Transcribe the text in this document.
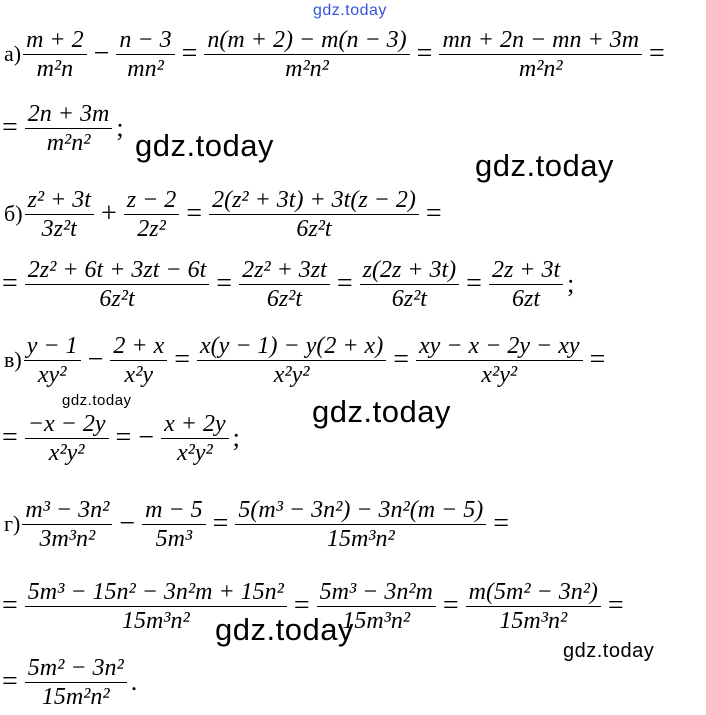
$а) \frac{m + 2}{\text{m²n}} - \frac{n - 3}{\text{mn²}} = \frac{n(m + 2) - m(n - 3)}{\text{m²n²}} = \frac{mn + 2n - mn + 3m}{\text{m²n²}}$ =
= $\frac{2n + 3m}{\text{m²n²}}$ ;
$б) \frac{\text{z² + 3t}}{\text{3z²t}} + \frac{z - 2}{\text{2z²}} = \frac{\text{2(z² + 3t) + 3t(z − 2)}}{\text{6z²t}}$ =
= $\frac{\text{2z² + 6t + 3zt − 6t}}{\text{6z²t}} = \frac{\text{2z² + 3zt}}{\text{6z²t}} = \frac{z(2z + 3t)}{\text{6z²t}} = \frac{2z + 3t}{6zt}$ ;
$в) \frac{y - 1}{\text{xy²}} - \frac{2 + x}{\text{x²y}} = \frac{x(y - 1) - y(2 + x)}{\text{x²y²}} = \frac{xy - x - 2y - xy}{\text{x²y²}}$ =
= $\frac{-x - 2y}{\text{x²y²}}$ = − $\frac{x + 2y}{\text{x²y²}}$ ;
$г) \frac{\text{m³ − 3n²}}{\text{3m³n²}} - \frac{m - 5}{\text{5m³}} = \frac{\text{5(m³ − 3n²) − 3n²(m − 5)}}{\text{15m³n²}}$ =
= $\frac{\text{5m³ − 15n² − 3n²m + 15n²}}{\text{15m³n²}} = \frac{\text{5m³ − 3n²m}}{\text{15m³n²}} = \frac{\text{m(5m² − 3n²)}}{\text{15m³n²}}$ =
= $\frac{\text{5m² − 3n²}}{\text{15m²n²}}$ .
gdz.today
gdz.today
gdz.today
gdz.today	gdz.today
gdz.today
gdz.today
